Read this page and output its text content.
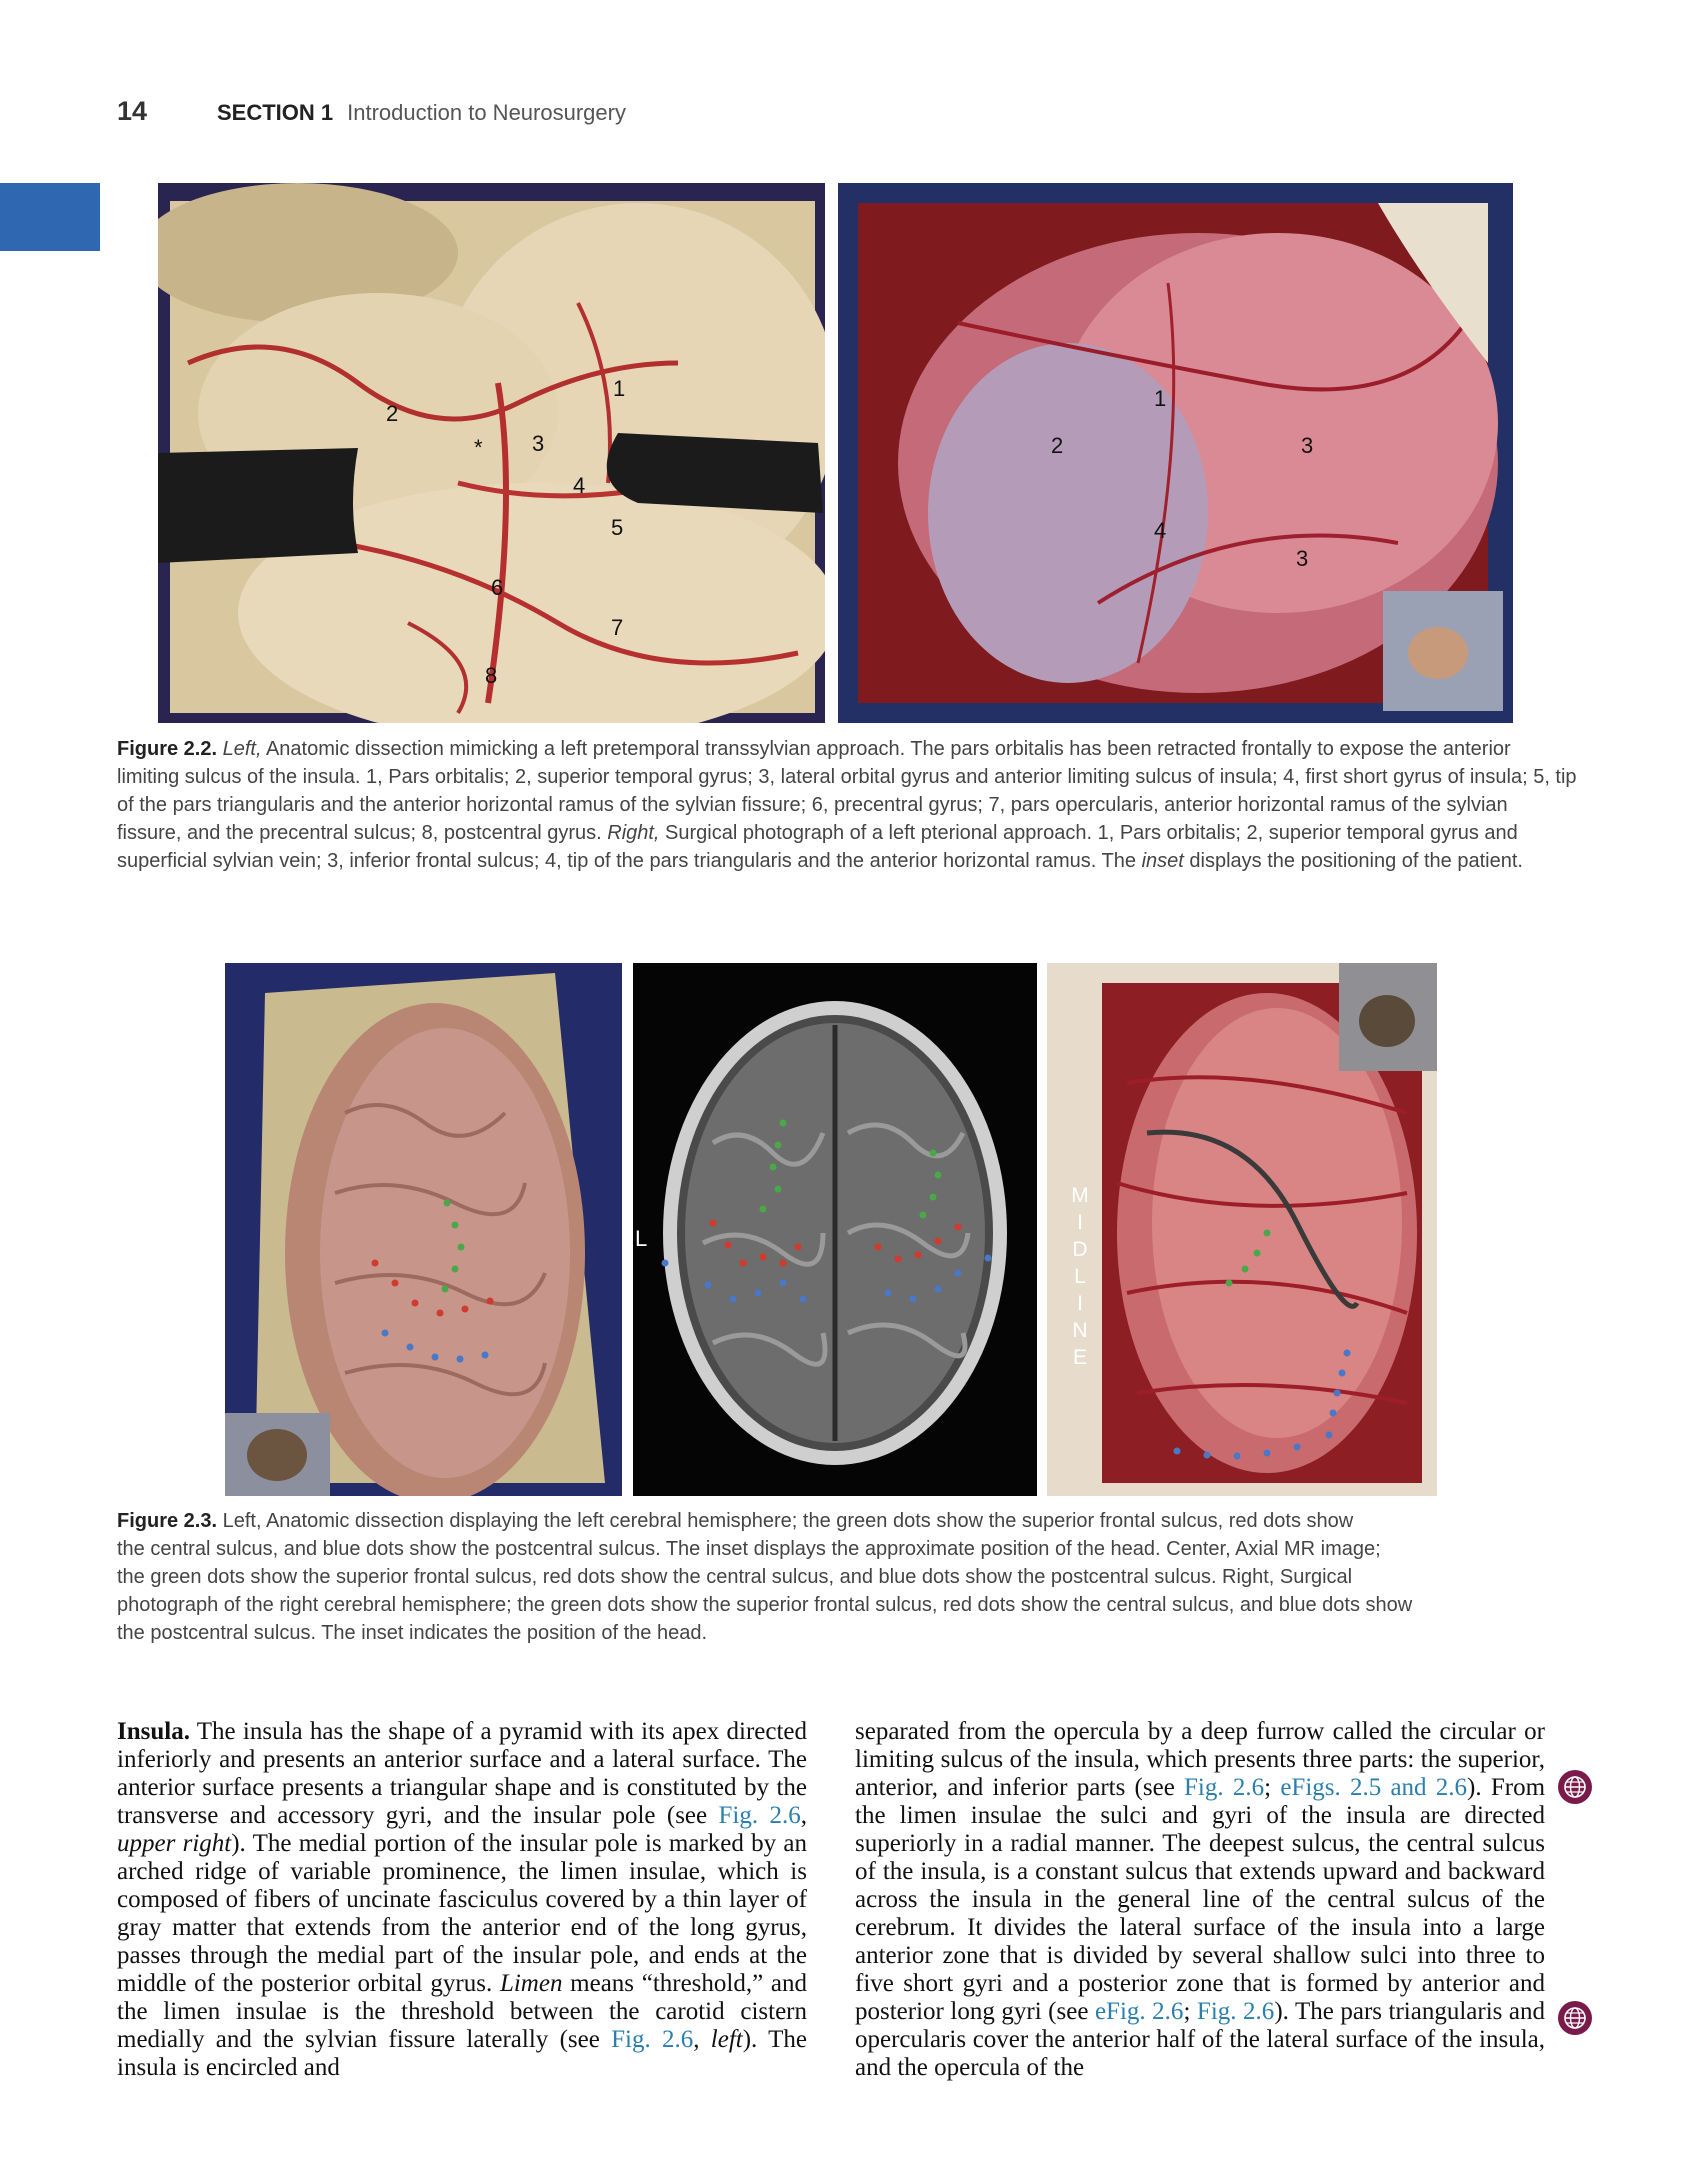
14	SECTION 1 Introduction to Neurosurgery
1
2
3
4
5
6
7
8
*
1
2	3
4
3
Figure 2.2. Left, Anatomic dissection mimicking a left pretemporal transsylvian approach. The pars orbitalis has been retracted frontally to expose the anterior limiting sulcus of the insula. 1, Pars orbitalis; 2, superior temporal gyrus; 3, lateral orbital gyrus and anterior limiting sulcus of insula; 4, first short gyrus of insula; 5, tip of the pars triangularis and the anterior horizontal ramus of the sylvian fissure; 6, precentral gyrus; 7, pars opercularis, anterior horizontal ramus of the sylvian fissure, and the precentral sulcus; 8, postcentral gyrus. Right, Surgical photograph of a left pterional approach. 1, Pars orbitalis; 2, superior temporal gyrus and superficial sylvian vein; 3, inferior frontal sulcus; 4, tip of the pars triangularis and the anterior horizontal ramus. The inset displays the positioning of the patient.
L
M
I
D
L
I
N
E
Figure 2.3. Left, Anatomic dissection displaying the left cerebral hemisphere; the green dots show the superior frontal sulcus, red dots show
the central sulcus, and blue dots show the postcentral sulcus. The inset displays the approximate position of the head. Center, Axial MR image;
the green dots show the superior frontal sulcus, red dots show the central sulcus, and blue dots show the postcentral sulcus. Right, Surgical
photograph of the right cerebral hemisphere; the green dots show the superior frontal sulcus, red dots show the central sulcus, and blue dots show
the postcentral sulcus. The inset indicates the position of the head.
Insula. The insula has the shape of a pyramid with its apex directed inferiorly and presents an anterior surface and a lateral surface. The anterior surface presents a triangular shape and is constituted by the transverse and accessory gyri, and the insular pole (see Fig. 2.6, upper right). The medial portion of the insular pole is marked by an arched ridge of variable prominence, the limen insulae, which is composed of fibers of uncinate fasciculus covered by a thin layer of gray matter that extends from the anterior end of the long gyrus, passes through the medial part of the insular pole, and ends at the middle of the posterior orbital gyrus. Limen means “threshold,” and the limen insulae is the threshold between the carotid cistern medially and the sylvian fissure laterally (see Fig. 2.6, left). The insula is encircled and
separated from the opercula by a deep furrow called the circular or limiting sulcus of the insula, which presents three parts: the superior, anterior, and inferior parts (see Fig. 2.6; eFigs. 2.5 and 2.6). From the limen insulae the sulci and gyri of the insula are directed superiorly in a radial manner. The deepest sulcus, the central sulcus of the insula, is a constant sulcus that extends upward and backward across the insula in the general line of the central sulcus of the cerebrum. It divides the lateral surface of the insula into a large anterior zone that is divided by several shallow sulci into three to five short gyri and a posterior zone that is formed by anterior and posterior long gyri (see eFig. 2.6; Fig. 2.6). The pars triangularis and opercularis cover the anterior half of the lateral surface of the insula, and the opercula of the
